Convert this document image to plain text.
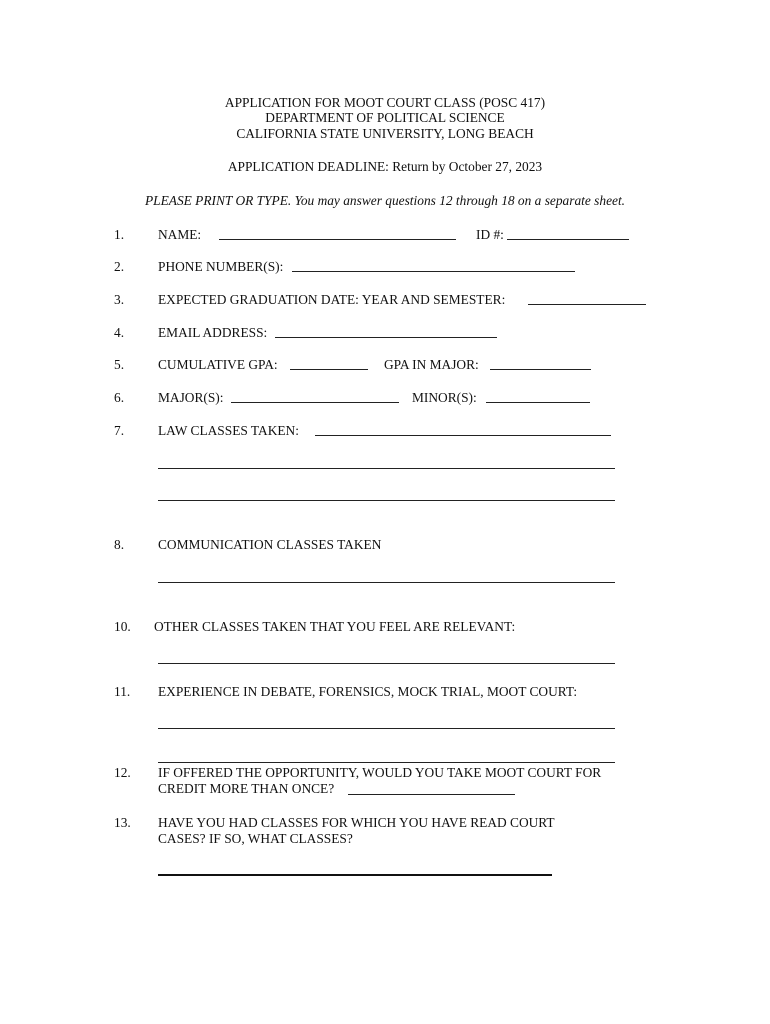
APPLICATION FOR MOOT COURT CLASS (POSC 417)
DEPARTMENT OF POLITICAL SCIENCE
CALIFORNIA STATE UNIVERSITY, LONG BEACH
APPLICATION DEADLINE: Return by October 27, 2023
PLEASE PRINT OR TYPE. You may answer questions 12 through 18 on a separate sheet.
1.	NAME:	ID #:
2.	PHONE NUMBER(S):
3.	EXPECTED GRADUATION DATE: YEAR AND SEMESTER:
4.	EMAIL ADDRESS:
5.	CUMULATIVE GPA:	GPA IN MAJOR:
6.	MAJOR(S):	MINOR(S):
7.	LAW CLASSES TAKEN:
8.	COMMUNICATION CLASSES TAKEN
10. OTHER CLASSES TAKEN THAT YOU FEEL ARE RELEVANT:
11. EXPERIENCE IN DEBATE, FORENSICS, MOCK TRIAL, MOOT COURT:
12. IF OFFERED THE OPPORTUNITY, WOULD YOU TAKE MOOT COURT FOR
CREDIT MORE THAN ONCE?
13. HAVE YOU HAD CLASSES FOR WHICH YOU HAVE READ COURT
CASES? IF SO, WHAT CLASSES?
